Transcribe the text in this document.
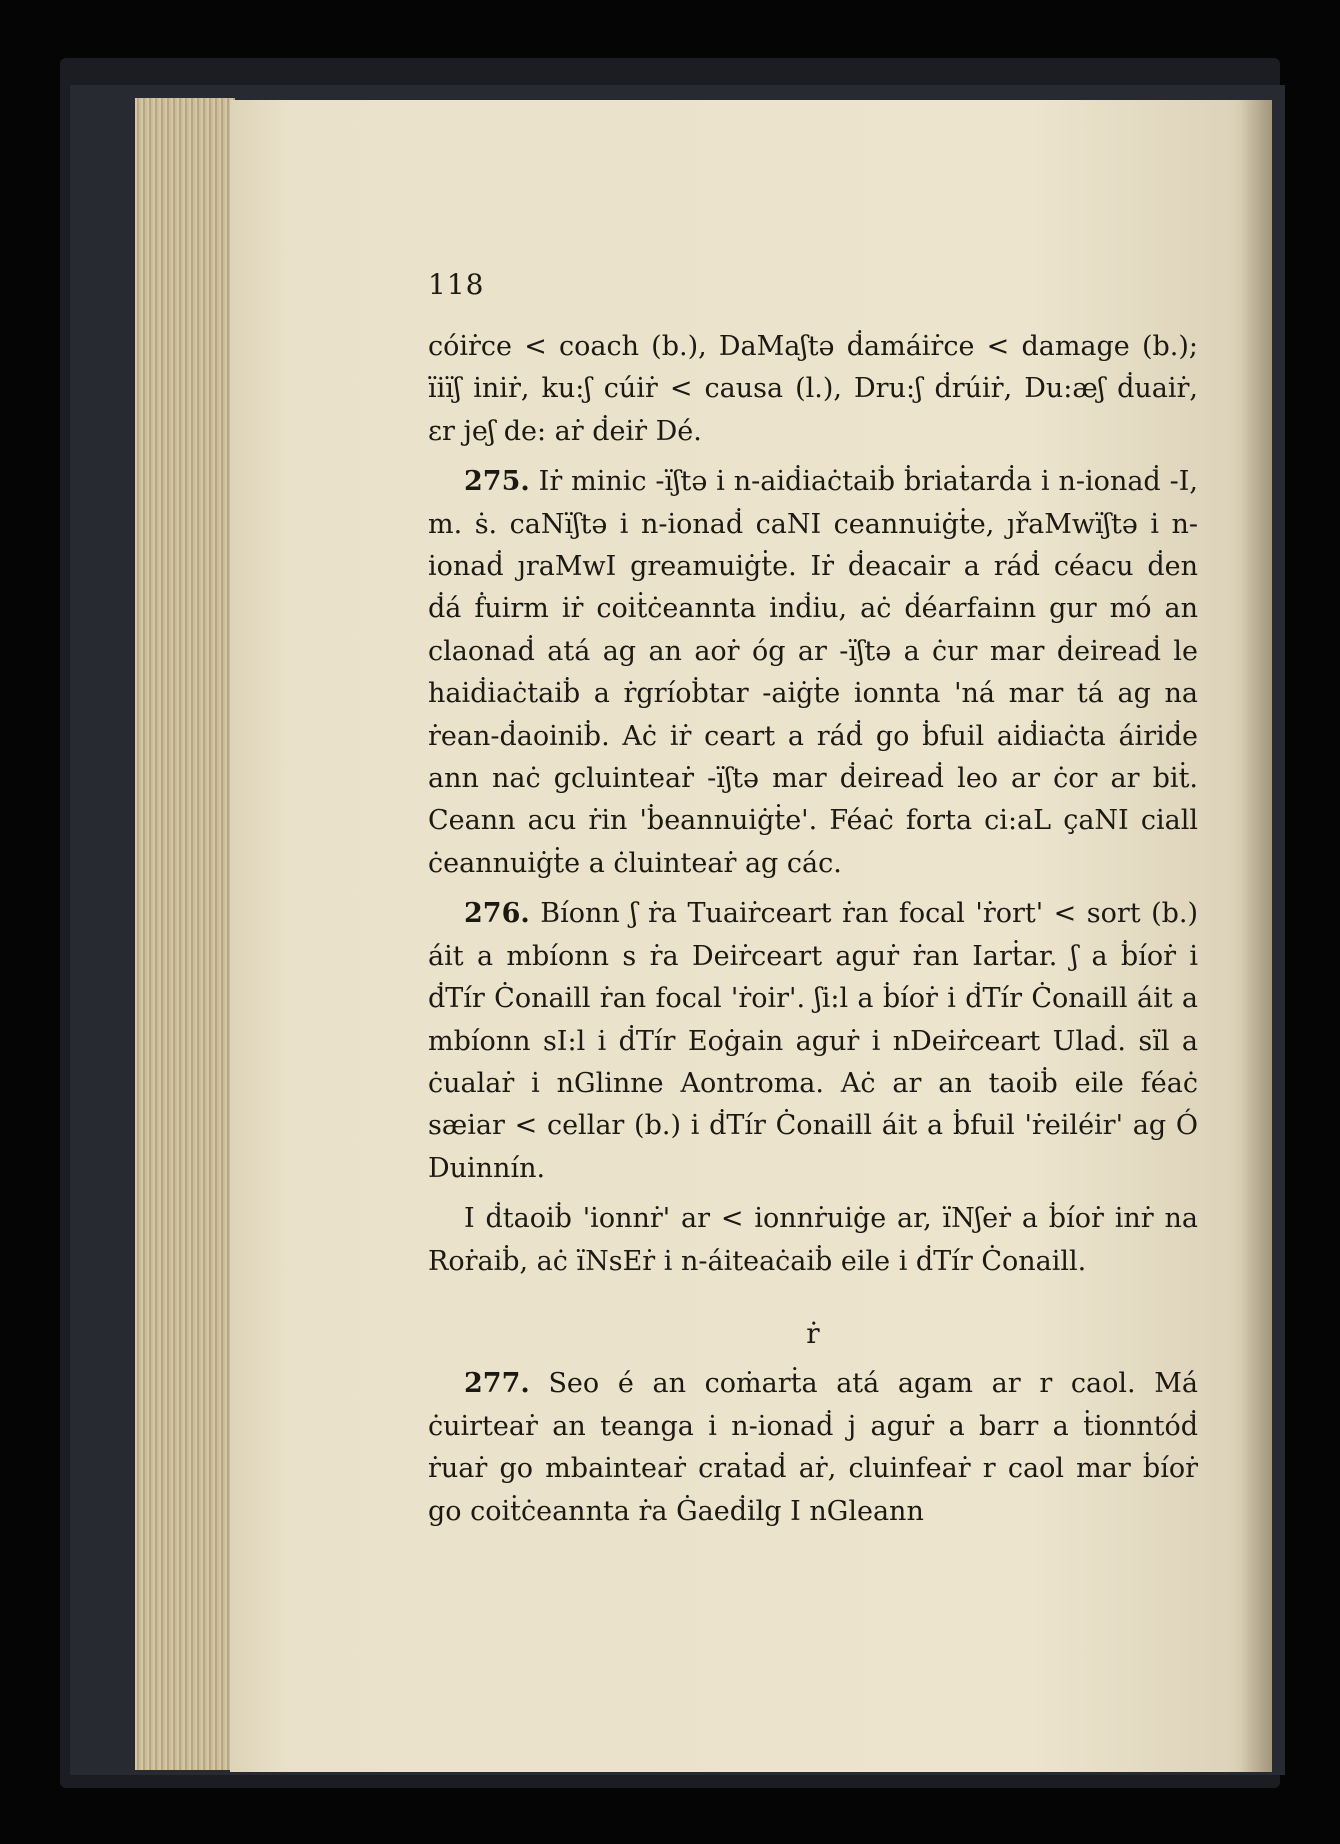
118

cóiṙce < coach (b.), DaMaʃtə ḋamáiṙce < damage (b.); ïiïʃ iniṙ, ku:ʃ cúiṙ < causa (l.), Dru:ʃ ḋrúiṙ, Du:æʃ ḋuaiṙ, ɛr jeʃ de: aṙ ḋeiṙ Dé.

275. Iṙ minic -ïʃtə i n-aiḋiaċtaiḃ ḃriaṫarḋa i n-ionaḋ -I, m. ṡ. caNïʃtə i n-ionaḋ caNI ceannuiġṫe, ȷřaMwïʃtə i n-ionaḋ ȷraMwI greamuiġṫe. Iṙ ḋeacair a ráḋ céacu ḋen ḋá ḟuirm iṙ coiṫċeannta inḋiu, aċ ḋéarfainn gur mó an claonaḋ atá ag an aoṙ óg ar -ïʃtə a ċur mar ḋeireaḋ le haiḋiaċtaiḃ a ṙgríoḃtar -aiġṫe ionnta 'ná mar tá ag na ṙean-ḋaoiniḃ. Aċ iṙ ceart a ráḋ go ḃfuil aiḋiaċta áiriḋe ann naċ gcluinteaṙ -ïʃtə mar ḋeireaḋ leo ar ċor ar biṫ. Ceann acu ṙin 'ḃeannuiġṫe'. Féaċ forta ci:aL çaNI ciall ċeannuiġṫe a ċluinteaṙ ag các.

276. Bíonn ʃ ṙa Tuaiṙceart ṙan focal 'ṙort' < sort (b.) áit a mbíonn s ṙa Deiṙceart aguṙ ṙan Iarṫar. ʃ a ḃíoṙ i ḋTír Ċonaill ṙan focal 'ṙoir'. ʃi:l a ḃíoṙ i ḋTír Ċonaill áit a mbíonn sI:l i ḋTír Eoġain aguṙ i nDeiṙceart Ulaḋ. sïl a ċualaṙ i nGlinne Aontroma. Aċ ar an taoiḃ eile féaċ sæiar < cellar (b.) i ḋTír Ċonaill áit a ḃfuil 'ṙeiléir' ag Ó Duinnín.

I ḋtaoiḃ 'ionnṙ' ar < ionnṙuiġe ar, ïNʃeṙ a ḃíoṙ inṙ na Roṙaiḃ, aċ ïNsEṙ i n-áiteaċaiḃ eile i ḋTír Ċonaill.

ṙ

277. Seo é an coṁarṫa atá agam ar r caol. Má ċuirteaṙ an teanga i n-ionaḋ j aguṙ a barr a ṫionntóḋ ṙuaṙ go mbainteaṙ craṫaḋ aṙ, cluinfeaṙ r caol mar ḃíoṙ go coiṫċeannta ṙa Ġaeḋilg I nGleann
